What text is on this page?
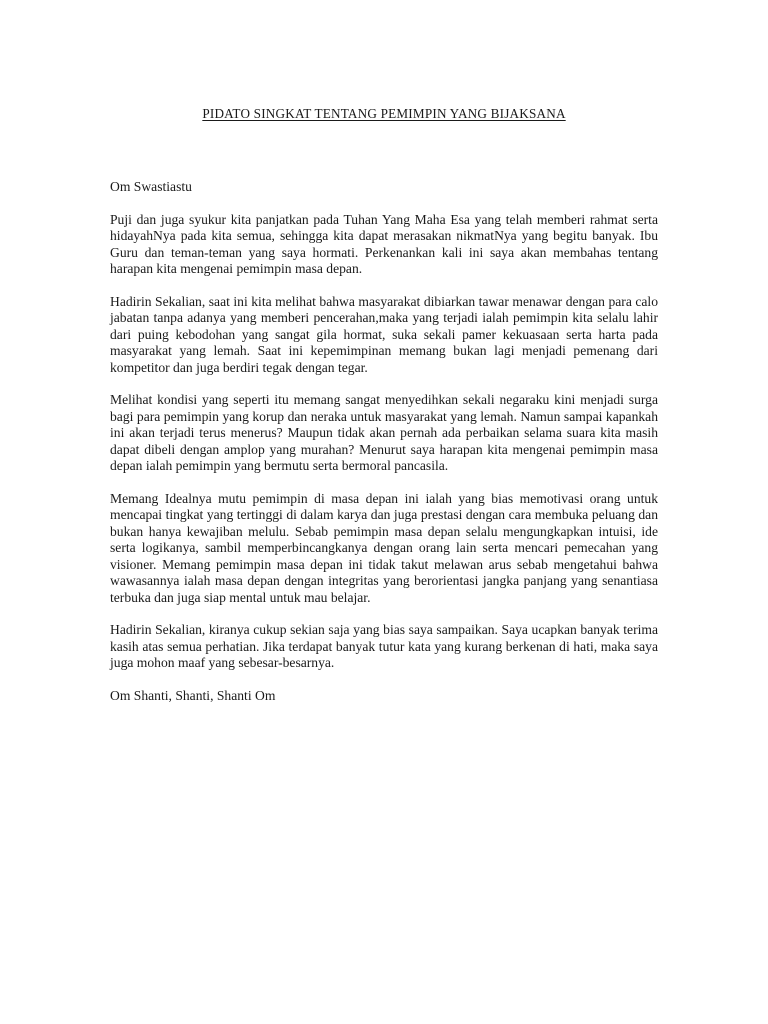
PIDATO SINGKAT TENTANG PEMIMPIN YANG BIJAKSANA

Om Swastiastu

Puji dan juga syukur kita panjatkan pada Tuhan Yang Maha Esa yang telah memberi rahmat serta hidayahNya pada kita semua, sehingga kita dapat merasakan nikmatNya yang begitu banyak. Ibu Guru dan teman-teman yang saya hormati. Perkenankan kali ini saya akan membahas tentang harapan kita mengenai pemimpin masa depan.

Hadirin Sekalian, saat ini kita melihat bahwa masyarakat dibiarkan tawar menawar dengan para calo jabatan tanpa adanya yang memberi pencerahan,maka yang terjadi ialah pemimpin kita selalu lahir dari puing kebodohan yang sangat gila hormat, suka sekali pamer kekuasaan serta harta pada masyarakat yang lemah. Saat ini kepemimpinan memang bukan lagi menjadi pemenang dari kompetitor dan juga berdiri tegak dengan tegar.

Melihat kondisi yang seperti itu memang sangat menyedihkan sekali negaraku kini menjadi surga bagi para pemimpin yang korup dan neraka untuk masyarakat yang lemah. Namun sampai kapankah ini akan terjadi terus menerus? Maupun tidak akan pernah ada perbaikan selama suara kita masih dapat dibeli dengan amplop yang murahan? Menurut saya harapan kita mengenai pemimpin masa depan ialah pemimpin yang bermutu serta bermoral pancasila.

Memang Idealnya mutu pemimpin di masa depan ini ialah yang bias memotivasi orang untuk mencapai tingkat yang tertinggi di dalam karya dan juga prestasi dengan cara membuka peluang dan bukan hanya kewajiban melulu. Sebab pemimpin masa depan selalu mengungkapkan intuisi, ide serta logikanya, sambil memperbincangkanya dengan orang lain serta mencari pemecahan yang visioner. Memang pemimpin masa depan ini tidak takut melawan arus sebab mengetahui bahwa wawasannya ialah masa depan dengan integritas yang berorientasi jangka panjang yang senantiasa terbuka dan juga siap mental untuk mau belajar.

Hadirin Sekalian, kiranya cukup sekian saja yang bias saya sampaikan. Saya ucapkan banyak terima kasih atas semua perhatian. Jika terdapat banyak tutur kata yang kurang berkenan di hati, maka saya juga mohon maaf yang sebesar-besarnya.

Om Shanti, Shanti, Shanti Om
